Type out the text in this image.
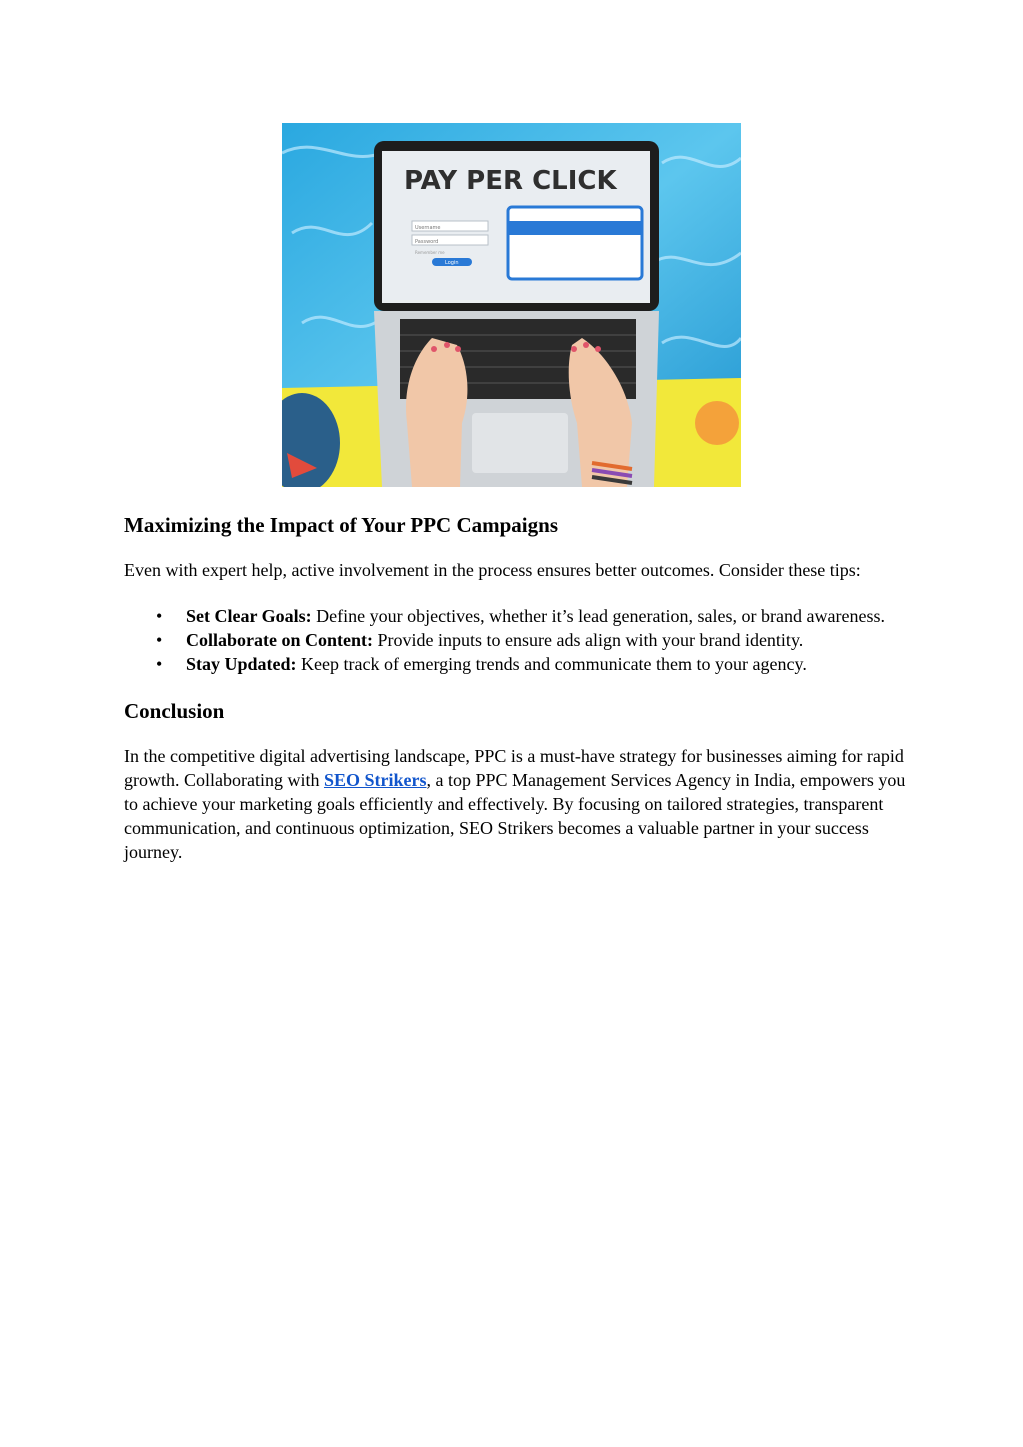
PAY PER CLICK
Username
Password
Remember me
Login
Maximizing the Impact of Your PPC Campaigns

Even with expert help, active involvement in the process ensures better outcomes. Consider these tips:

• Set Clear Goals: Define your objectives, whether it’s lead generation, sales, or brand awareness.
• Collaborate on Content: Provide inputs to ensure ads align with your brand identity.
• Stay Updated: Keep track of emerging trends and communicate them to your agency.
Conclusion

In the competitive digital advertising landscape, PPC is a must-have strategy for businesses aiming for rapid growth. Collaborating with SEO Strikers, a top PPC Management Services Agency in India, empowers you to achieve your marketing goals efficiently and effectively. By focusing on tailored strategies, transparent communication, and continuous optimization, SEO Strikers becomes a valuable partner in your success journey.
